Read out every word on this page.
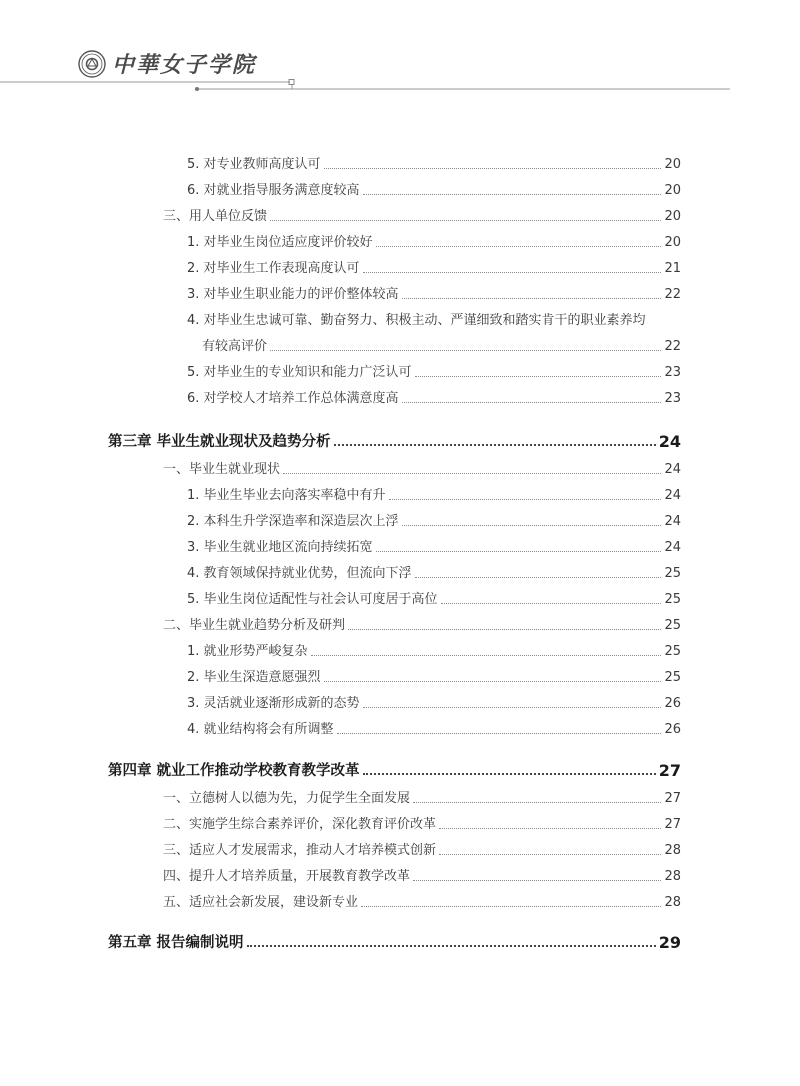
中華女子学院
5. 对专业教师高度认可	20
6. 对就业指导服务满意度较高	20
三、用人单位反馈	20
1. 对毕业生岗位适应度评价较好	20
2. 对毕业生工作表现高度认可	21
3. 对毕业生职业能力的评价整体较高	22
4. 对毕业生忠诚可靠、勤奋努力、积极主动、严谨细致和踏实肯干的职业素养均
有较高评价	22
5. 对毕业生的专业知识和能力广泛认可	23
6. 对学校人才培养工作总体满意度高	23
第三章 毕业生就业现状及趋势分析	24
一、毕业生就业现状	24
1. 毕业生毕业去向落实率稳中有升	24
2. 本科生升学深造率和深造层次上浮	24
3. 毕业生就业地区流向持续拓宽	24
4. 教育领域保持就业优势，但流向下浮	25
5. 毕业生岗位适配性与社会认可度居于高位	25
二、毕业生就业趋势分析及研判	25
1. 就业形势严峻复杂	25
2. 毕业生深造意愿强烈	25
3. 灵活就业逐渐形成新的态势	26
4. 就业结构将会有所调整	26
第四章 就业工作推动学校教育教学改革	27
一、立德树人以德为先，力促学生全面发展	27
二、实施学生综合素养评价，深化教育评价改革	27
三、适应人才发展需求，推动人才培养模式创新	28
四、提升人才培养质量，开展教育教学改革	28
五、适应社会新发展，建设新专业	28
第五章 报告编制说明	29
